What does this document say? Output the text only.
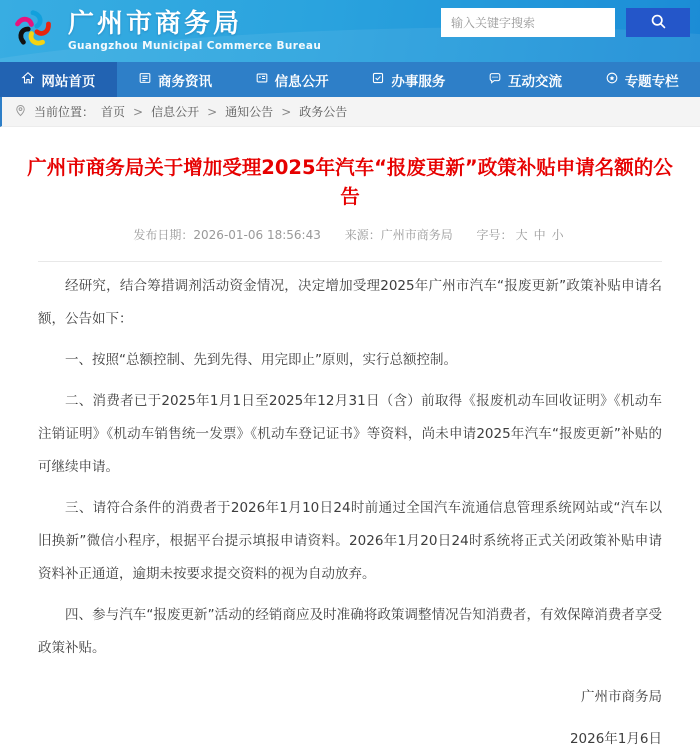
广州市商务局
Guangzhou Municipal Commerce Bureau
输入关键字搜索
网站首页	商务资讯	信息公开	办事服务	互动交流	专题专栏
当前位置： 首页 > 信息公开 > 通知公告 > 政务公告
广州市商务局关于增加受理2025年汽车“报废更新”政策补贴申请名额的公告
发布日期：2026-01-06 18:56:43 来源：广州市商务局 字号： 大 中 小

经研究，结合筹措调剂活动资金情况，决定增加受理2025年广州市汽车“报废更新”政策补贴申请名额，公告如下：

一、按照“总额控制、先到先得、用完即止”原则，实行总额控制。

二、消费者已于2025年1月1日至2025年12月31日（含）前取得《报废机动车回收证明》《机动车注销证明》《机动车销售统一发票》《机动车登记证书》等资料，尚未申请2025年汽车“报废更新”补贴的可继续申请。

三、请符合条件的消费者于2026年1月10日24时前通过全国汽车流通信息管理系统网站或“汽车以旧换新”微信小程序，根据平台提示填报申请资料。2026年1月20日24时系统将正式关闭政策补贴申请资料补正通道，逾期未按要求提交资料的视为自动放弃。

四、参与汽车“报废更新”活动的经销商应及时准确将政策调整情况告知消费者，有效保障消费者享受政策补贴。

广州市商务局
2026年1月6日
